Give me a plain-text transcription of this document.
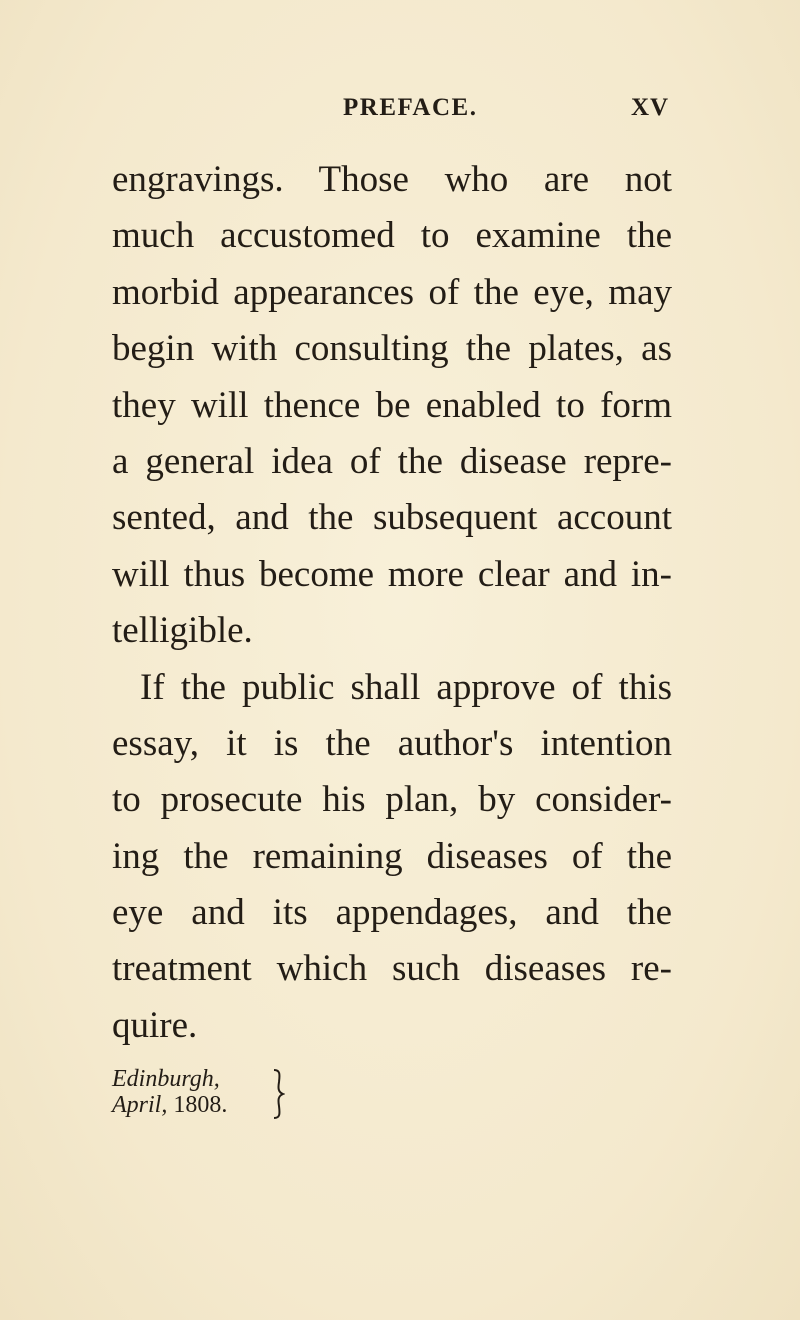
PREFACE.	XV
engravings. Those who are not
much accustomed to examine the
morbid appearances of the eye, may
begin with consulting the plates, as
they will thence be enabled to form
a general idea of the disease repre-
sented, and the subsequent account
will thus become more clear and in-
telligible.
If the public shall approve of this
essay, it is the author's intention
to prosecute his plan, by consider-
ing the remaining diseases of the
eye and its appendages, and the
treatment which such diseases re-
quire.
Edinburgh,
April, 1808.
